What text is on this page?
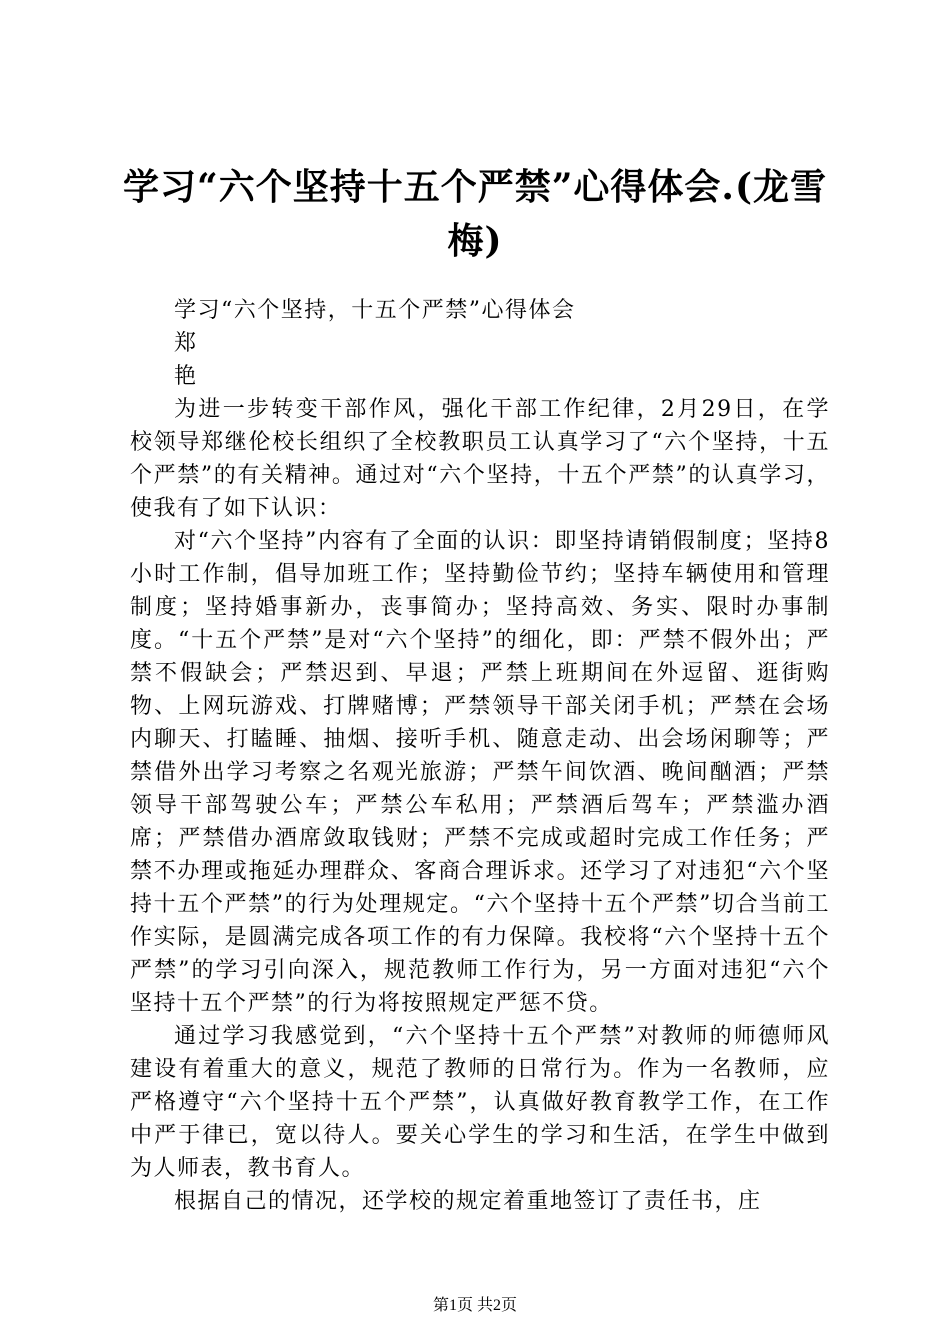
学习“六个坚持十五个严禁”心得体会.(龙雪梅)

学习“六个坚持，十五个严禁”心得体会

郑

艳

为进一步转变干部作风，强化干部工作纪律，2月29日，在学校领导郑继伦校长组织了全校教职员工认真学习了“六个坚持，十五个严禁”的有关精神。通过对“六个坚持，十五个严禁”的认真学习，使我有了如下认识：

对“六个坚持”内容有了全面的认识：即坚持请销假制度；坚持8小时工作制，倡导加班工作；坚持勤俭节约；坚持车辆使用和管理制度；坚持婚事新办，丧事简办；坚持高效、务实、限时办事制度。“十五个严禁”是对“六个坚持”的细化，即：严禁不假外出；严禁不假缺会；严禁迟到、早退；严禁上班期间在外逗留、逛街购物、上网玩游戏、打牌赌博；严禁领导干部关闭手机；严禁在会场内聊天、打瞌睡、抽烟、接听手机、随意走动、出会场闲聊等；严禁借外出学习考察之名观光旅游；严禁午间饮酒、晚间酗酒；严禁领导干部驾驶公车；严禁公车私用；严禁酒后驾车；严禁滥办酒席；严禁借办酒席敛取钱财；严禁不完成或超时完成工作任务；严禁不办理或拖延办理群众、客商合理诉求。还学习了对违犯“六个坚持十五个严禁”的行为处理规定。“六个坚持十五个严禁”切合当前工作实际，是圆满完成各项工作的有力保障。我校将“六个坚持十五个严禁”的学习引向深入，规范教师工作行为，另一方面对违犯“六个坚持十五个严禁”的行为将按照规定严惩不贷。

通过学习我感觉到，“六个坚持十五个严禁”对教师的师德师风建设有着重大的意义，规范了教师的日常行为。作为一名教师，应严格遵守“六个坚持十五个严禁”，认真做好教育教学工作，在工作中严于律已，宽以待人。要关心学生的学习和生活，在学生中做到为人师表，教书育人。

根据自己的情况，还学校的规定着重地签订了责任书，庄

第1页 共2页
